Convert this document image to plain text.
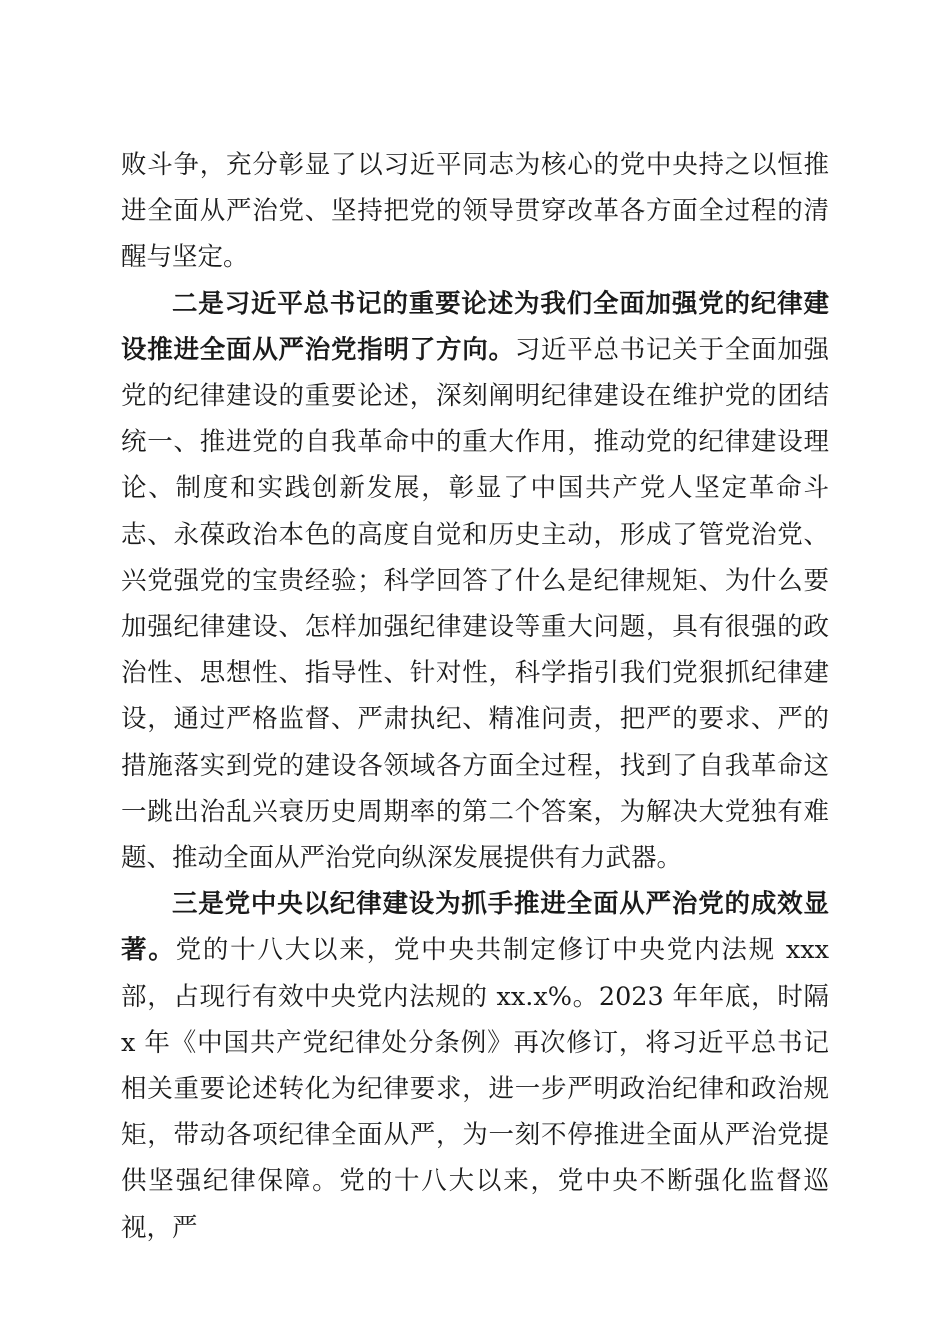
败斗争，充分彰显了以习近平同志为核心的党中央持之以恒推进全面从严治党、坚持把党的领导贯穿改革各方面全过程的清醒与坚定。

二是习近平总书记的重要论述为我们全面加强党的纪律建设推进全面从严治党指明了方向。习近平总书记关于全面加强党的纪律建设的重要论述，深刻阐明纪律建设在维护党的团结统一、推进党的自我革命中的重大作用，推动党的纪律建设理论、制度和实践创新发展，彰显了中国共产党人坚定革命斗志、永葆政治本色的高度自觉和历史主动，形成了管党治党、兴党强党的宝贵经验；科学回答了什么是纪律规矩、为什么要加强纪律建设、怎样加强纪律建设等重大问题，具有很强的政治性、思想性、指导性、针对性，科学指引我们党狠抓纪律建设，通过严格监督、严肃执纪、精准问责，把严的要求、严的措施落实到党的建设各领域各方面全过程，找到了自我革命这一跳出治乱兴衰历史周期率的第二个答案，为解决大党独有难题、推动全面从严治党向纵深发展提供有力武器。

三是党中央以纪律建设为抓手推进全面从严治党的成效显著。党的十八大以来，党中央共制定修订中央党内法规 xxx 部，占现行有效中央党内法规的 xx.x%。2023 年年底，时隔 x 年《中国共产党纪律处分条例》再次修订，将习近平总书记相关重要论述转化为纪律要求，进一步严明政治纪律和政治规矩，带动各项纪律全面从严，为一刻不停推进全面从严治党提供坚强纪律保障。党的十八大以来，党中央不断强化监督巡视，严
